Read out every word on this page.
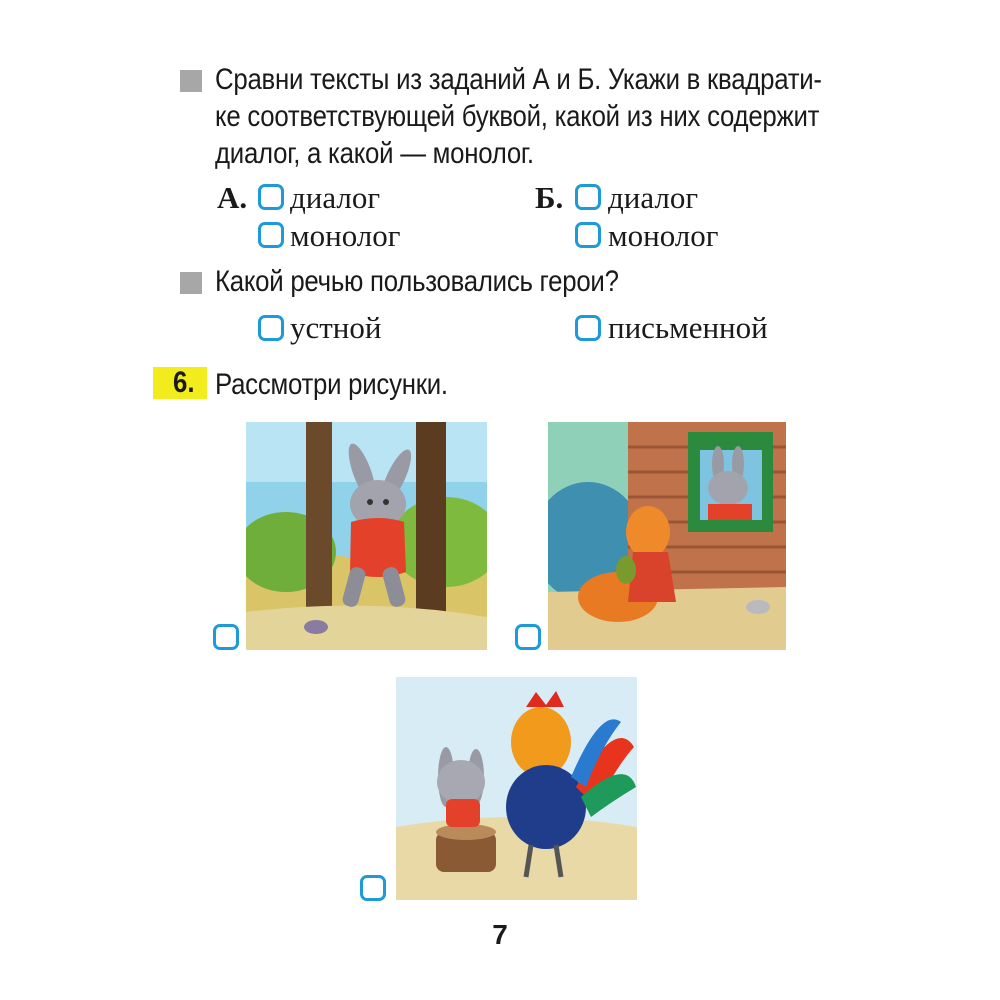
Сравни тексты из заданий А и Б. Укажи в квадрати-
ке соответствующей буквой, какой из них содержит
диалог, а какой — монолог.
А. диалог
монолог
Б. диалог
монолог
Какой речью пользовались герои?
устной	письменной
6. Рассмотри рисунки.
7
